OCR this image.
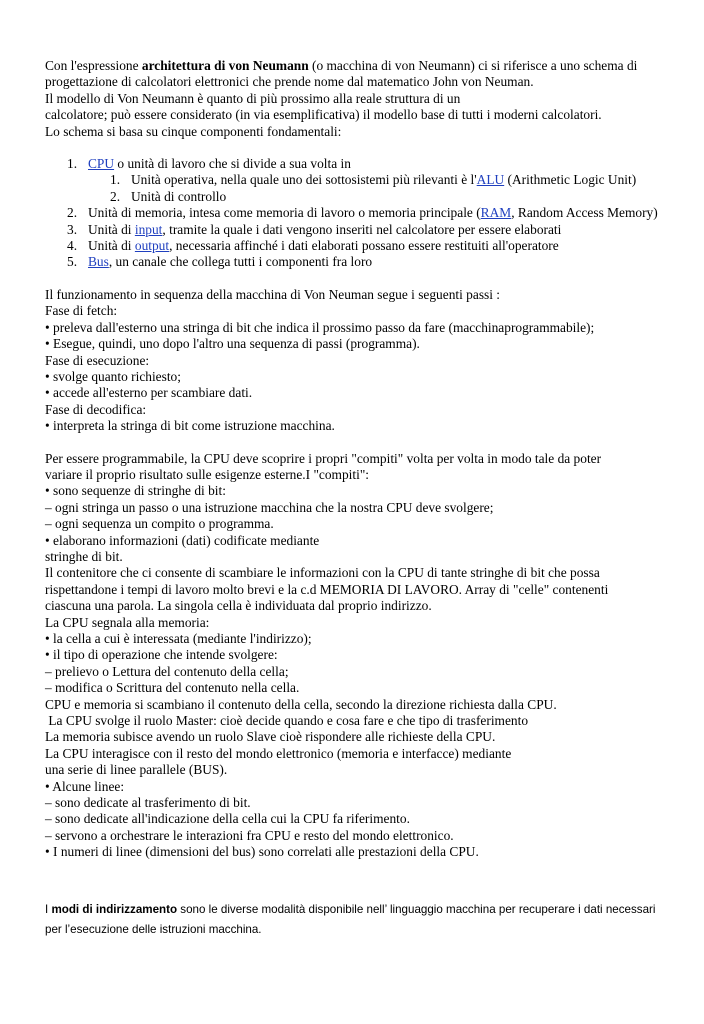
Con l'espressione architettura di von Neumann (o macchina di von Neumann) ci si riferisce a uno schema di

progettazione di calcolatori elettronici che prende nome dal matematico John von Neuman.

Il modello di Von Neumann è quanto di più prossimo alla reale struttura di un

calcolatore; può essere considerato (in via esemplificativa) il modello base di tutti i moderni calcolatori.

Lo schema si basa su cinque componenti fondamentali:

1. CPU o unità di lavoro che si divide a sua volta in
1. Unità operativa, nella quale uno dei sottosistemi più rilevanti è l'ALU (Arithmetic Logic Unit)
2. Unità di controllo
2. Unità di memoria, intesa come memoria di lavoro o memoria principale (RAM, Random Access Memory)
3. Unità di input, tramite la quale i dati vengono inseriti nel calcolatore per essere elaborati
4. Unità di output, necessaria affinché i dati elaborati possano essere restituiti all'operatore
5. Bus, un canale che collega tutti i componenti fra loro

Il funzionamento in sequenza della macchina di Von Neuman segue i seguenti passi :

Fase di fetch:

• preleva dall'esterno una stringa di bit che indica il prossimo passo da fare (macchinaprogrammabile);

• Esegue, quindi, uno dopo l'altro una sequenza di passi (programma).

Fase di esecuzione:

• svolge quanto richiesto;

• accede all'esterno per scambiare dati.

Fase di decodifica:

• interpreta la stringa di bit come istruzione macchina.

Per essere programmabile, la CPU deve scoprire i propri "compiti" volta per volta in modo tale da poter

variare il proprio risultato sulle esigenze esterne.I "compiti":

• sono sequenze di stringhe di bit:

– ogni stringa un passo o una istruzione macchina che la nostra CPU deve svolgere;

– ogni sequenza un compito o programma.

• elaborano informazioni (dati) codificate mediante

stringhe di bit.

Il contenitore che ci consente di scambiare le informazioni con la CPU di tante stringhe di bit che possa

rispettandone i tempi di lavoro molto brevi e la c.d MEMORIA DI LAVORO. Array di "celle" contenenti

ciascuna una parola. La singola cella è individuata dal proprio indirizzo.

La CPU segnala alla memoria:

• la cella a cui è interessata (mediante l'indirizzo);

• il tipo di operazione che intende svolgere:

– prelievo o Lettura del contenuto della cella;

– modifica o Scrittura del contenuto nella cella.

CPU e memoria si scambiano il contenuto della cella, secondo la direzione richiesta dalla CPU.

La CPU svolge il ruolo Master: cioè decide quando e cosa fare e che tipo di trasferimento

La memoria subisce avendo un ruolo Slave cioè rispondere alle richieste della CPU.

La CPU interagisce con il resto del mondo elettronico (memoria e interfacce) mediante

una serie di linee parallele (BUS).

• Alcune linee:

– sono dedicate al trasferimento di bit.

– sono dedicate all'indicazione della cella cui la CPU fa riferimento.

– servono a orchestrare le interazioni fra CPU e resto del mondo elettronico.

• I numeri di linee (dimensioni del bus) sono correlati alle prestazioni della CPU.

I modi di indirizzamento sono le diverse modalità disponibile nell’ linguaggio macchina per recuperare i dati necessari

per l’esecuzione delle istruzioni macchina.
